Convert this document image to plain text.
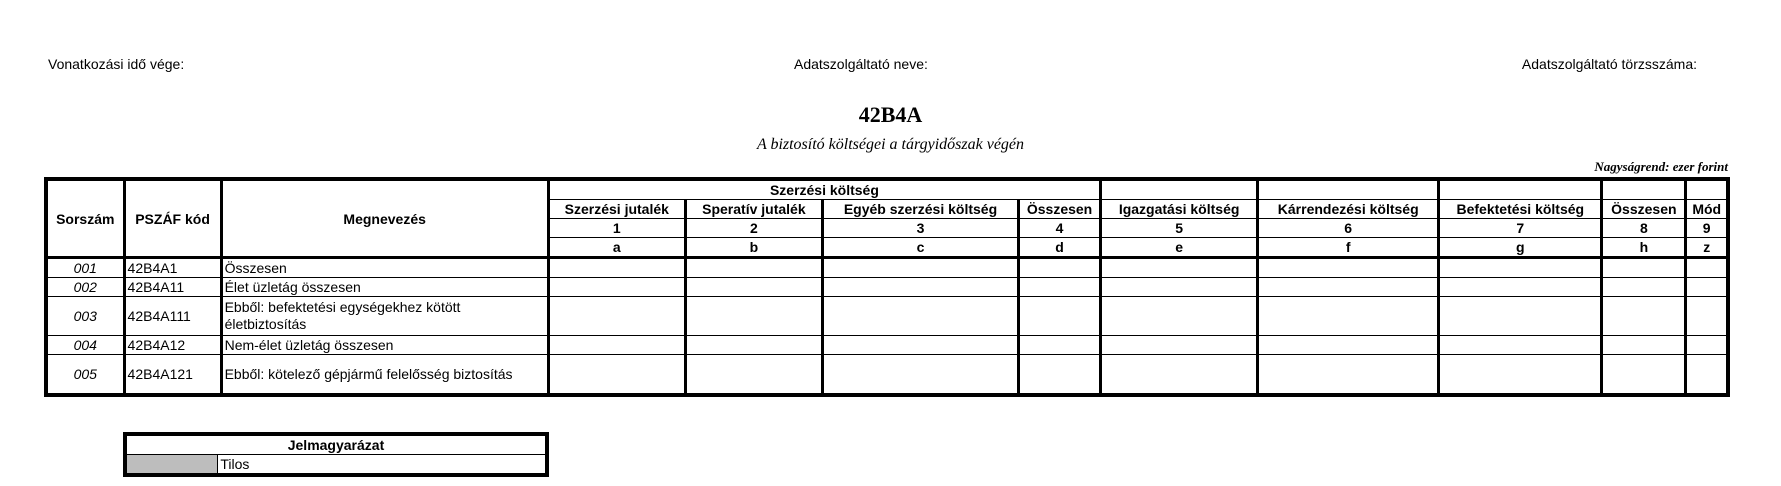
Vonatkozási idő vége:	Adatszolgáltató neve:	Adatszolgáltató törzsszáma:
42B4A
A biztosító költségei a tárgyidőszak végén
Nagyságrend: ezer forint
Sorszám	PSZÁF kód	Megnevezés	Szerzési költség								
			Szerzési jutalék	Speratív jutalék	Egyéb szerzési költség	Összesen	Igazgatási költség	Kárrendezési költség	Befektetési költség	Összesen	Mód
			1	2	3	4	5	6	7	8	9
			a	b	c	d	e	f	g	h	z
001	42B4A1	Összesen									
002	42B4A11	Élet üzletág összesen									
003	42B4A111	Ebből: befektetési egységekhez kötött életbiztosítás									
004	42B4A12	Nem-élet üzletág összesen									
005	42B4A121	Ebből: kötelező gépjármű felelősség biztosítás									
Jelmagyarázat
	Tilos
